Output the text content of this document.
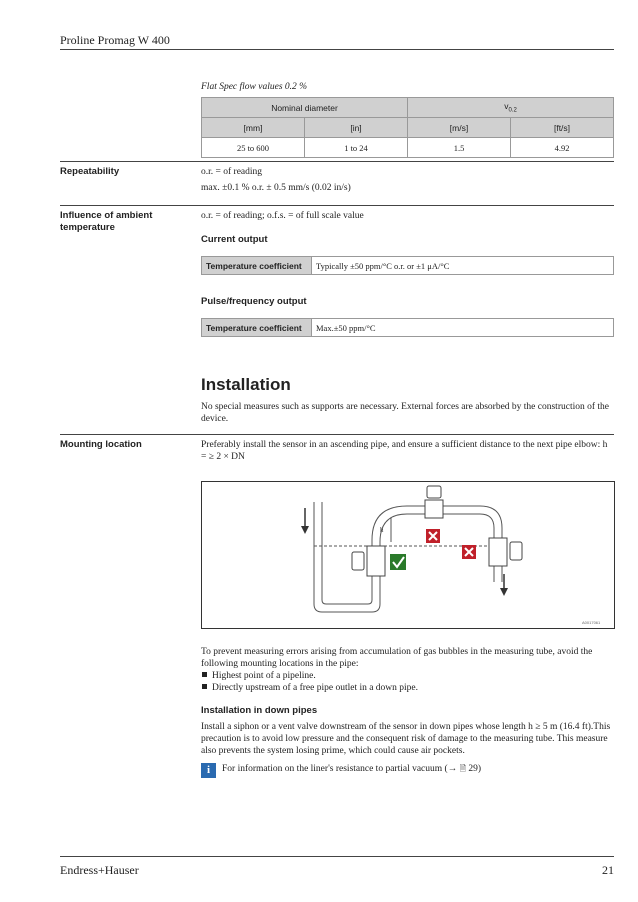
Proline Promag W 400
Flat Spec flow values 0.2 %
Nominal diameter		$v_{0.2}$
[mm]	[in]	[m/s]	[ft/s]
25 to 600	1 to 24	1.5	4.92
Repeatability	o.r. = of reading
max. ±0.1 % o.r. ± 0.5 mm/s (0.02 in/s)
Influence of ambient temperature
o.r. = of reading; o.f.s. = of full scale value
Current output
Temperature coefficient	Typically ±50 ppm/°C o.r. or ±1 μA/°C
Pulse/frequency output
Temperature coefficient	Max.±50 ppm/°C
Installation
No special measures such as supports are necessary. External forces are absorbed by the construction of the device.
Mounting location	Preferably install the sensor in an ascending pipe, and ensure a sufficient distance to the next pipe elbow: h = ≥ 2 × DN
h
A0017061
To prevent measuring errors arising from accumulation of gas bubbles in the measuring tube, avoid the following mounting locations in the pipe:
Highest point of a pipeline.
Directly upstream of a free pipe outlet in a down pipe.
Installation in down pipes
Install a siphon or a vent valve downstream of the sensor in down pipes whose length h ≥ 5 m (16.4 ft).This precaution is to avoid low pressure and the consequent risk of damage to the measuring tube. This measure also prevents the system losing prime, which could cause air pockets.
i	For information on the liner's resistance to partial vacuum (→ 🗎 29)
Endress+Hauser	21
